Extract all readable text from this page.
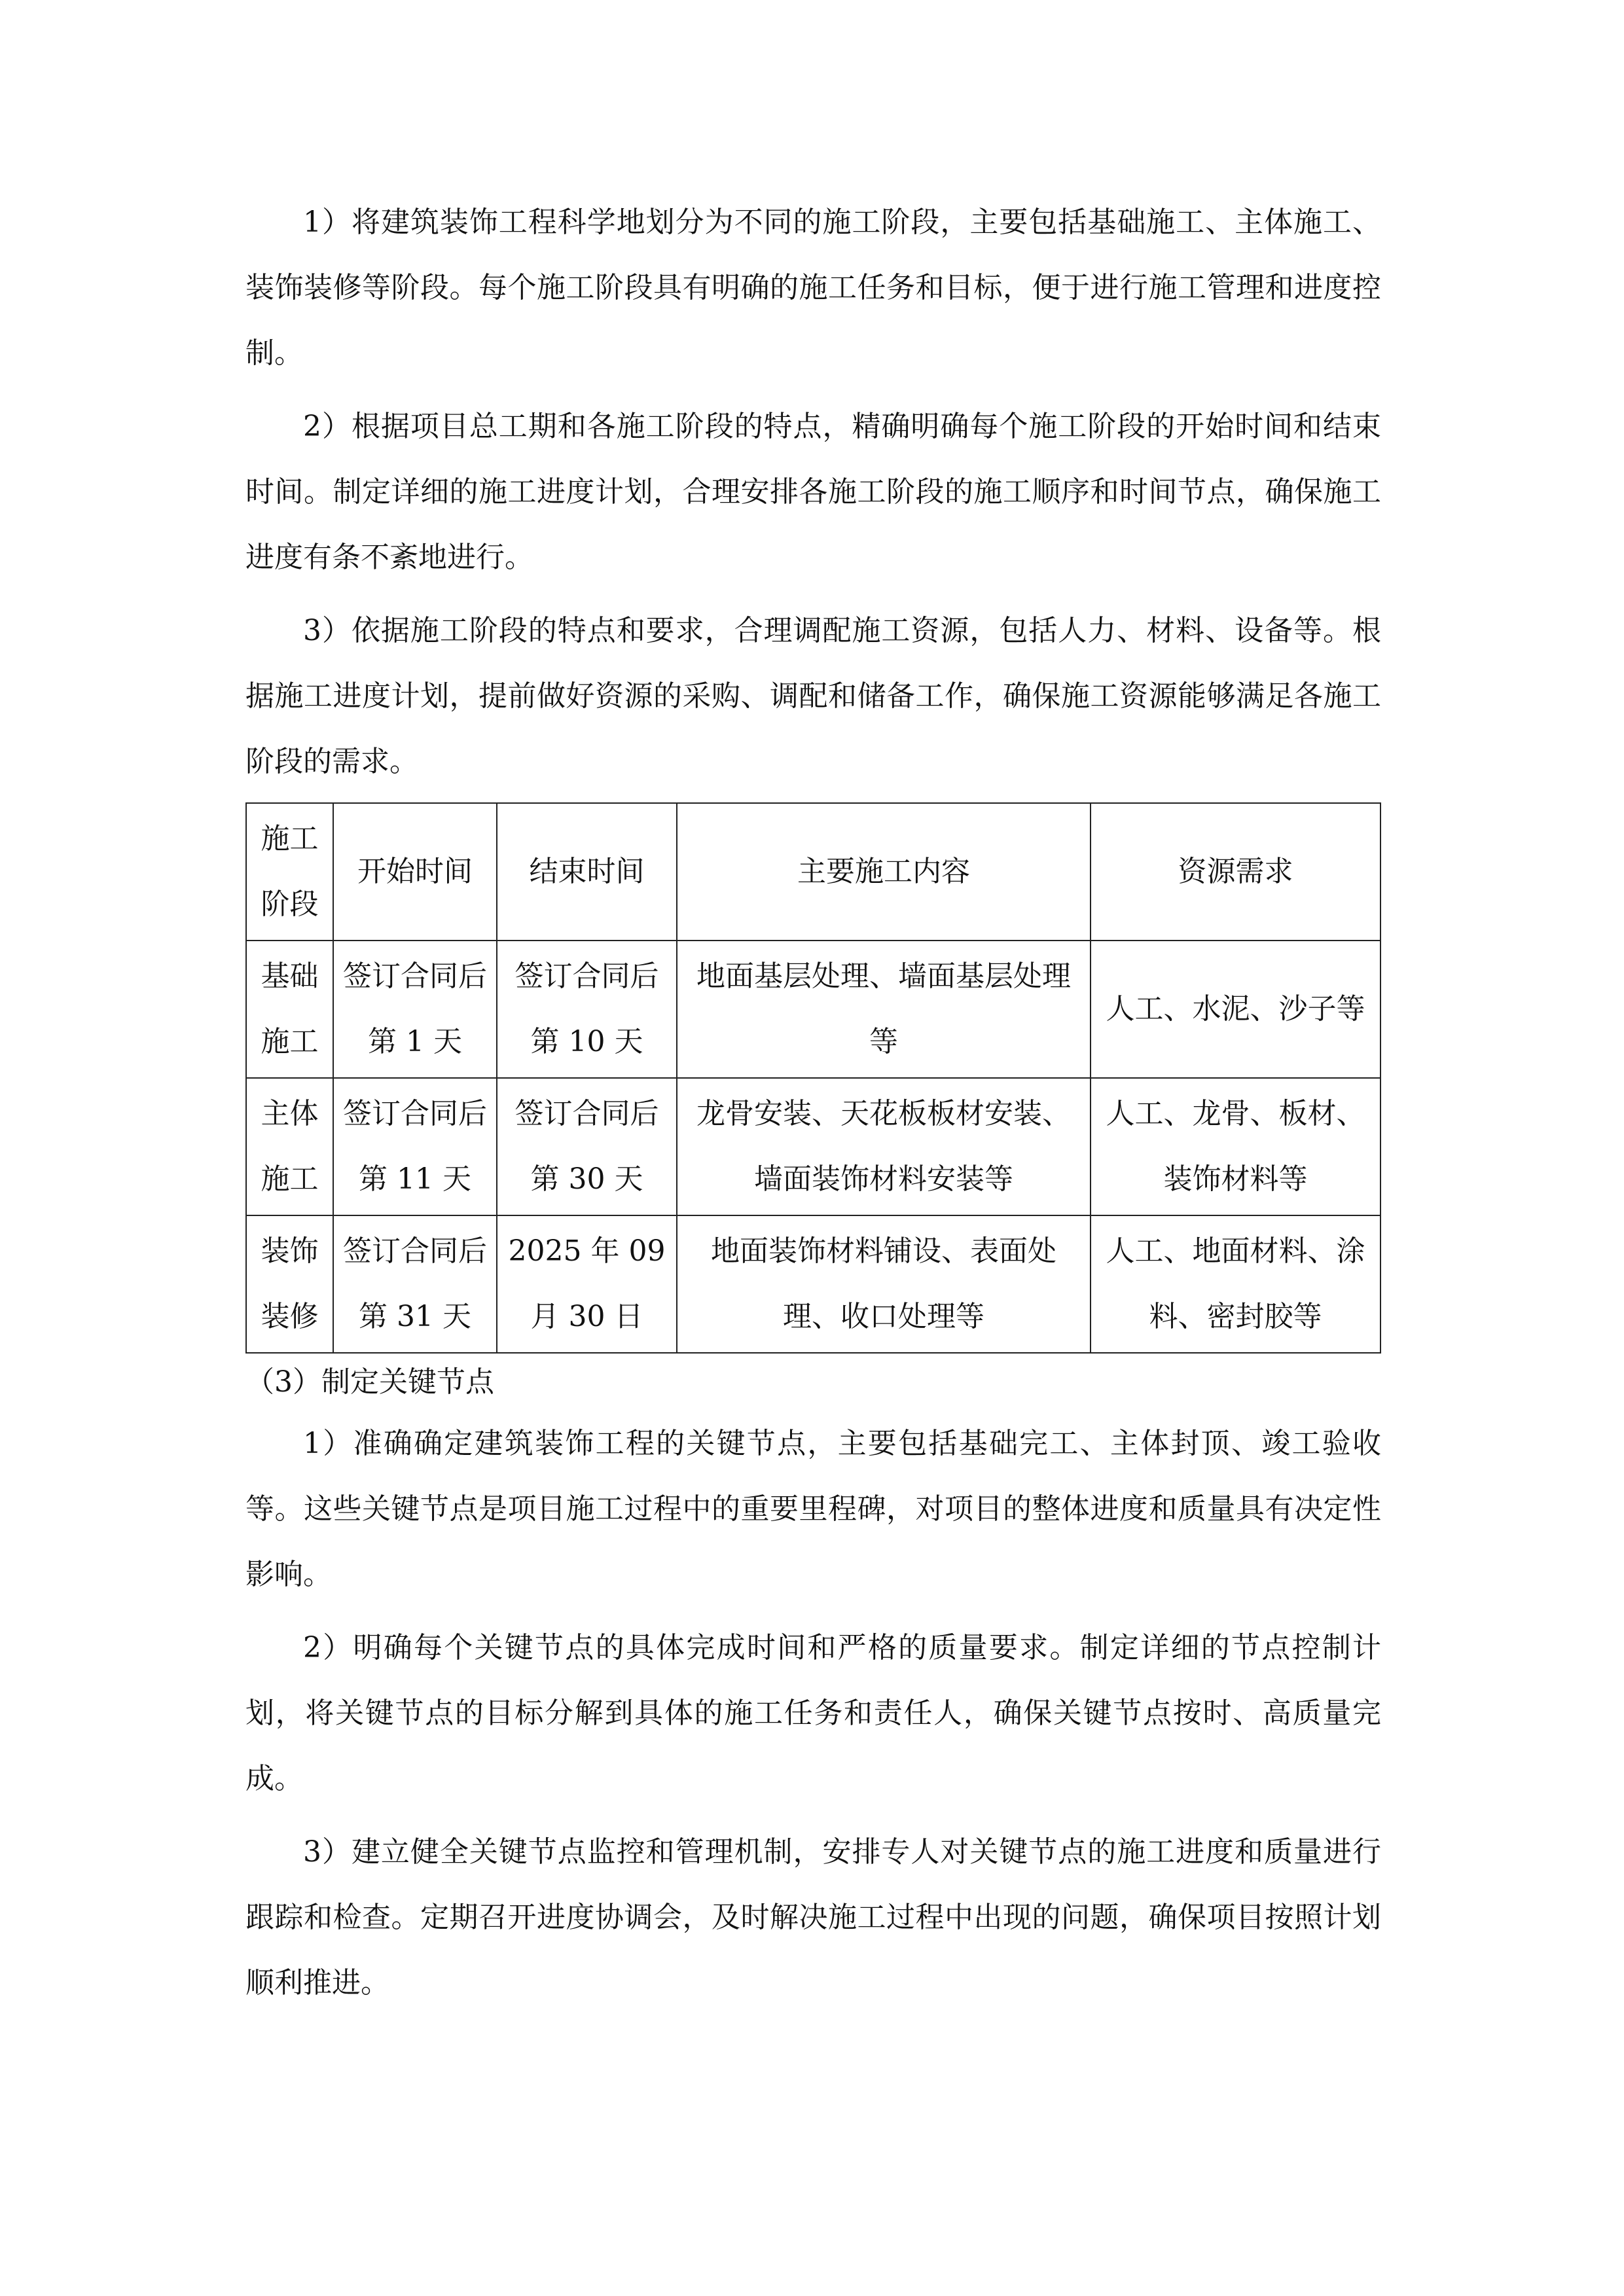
1）将建筑装饰工程科学地划分为不同的施工阶段，主要包括基础施工、主体施工、装饰装修等阶段。每个施工阶段具有明确的施工任务和目标，便于进行施工管理和进度控制。

2）根据项目总工期和各施工阶段的特点，精确明确每个施工阶段的开始时间和结束时间。制定详细的施工进度计划，合理安排各施工阶段的施工顺序和时间节点，确保施工进度有条不紊地进行。

3）依据施工阶段的特点和要求，合理调配施工资源，包括人力、材料、设备等。根据施工进度计划，提前做好资源的采购、调配和储备工作，确保施工资源能够满足各施工阶段的需求。

施工阶段	开始时间	结束时间	主要施工内容	资源需求
基础施工	签订合同后第 1 天	签订合同后第 10 天	地面基层处理、墙面基层处理等	人工、水泥、沙子等
主体施工	签订合同后第 11 天	签订合同后第 30 天	龙骨安装、天花板板材安装、墙面装饰材料安装等	人工、龙骨、板材、装饰材料等
装饰装修	签订合同后第 31 天	2025 年 09 月 30 日	地面装饰材料铺设、表面处理、收口处理等	人工、地面材料、涂料、密封胶等

（3）制定关键节点

1）准确确定建筑装饰工程的关键节点，主要包括基础完工、主体封顶、竣工验收等。这些关键节点是项目施工过程中的重要里程碑，对项目的整体进度和质量具有决定性影响。

2）明确每个关键节点的具体完成时间和严格的质量要求。制定详细的节点控制计划，将关键节点的目标分解到具体的施工任务和责任人，确保关键节点按时、高质量完成。

3）建立健全关键节点监控和管理机制，安排专人对关键节点的施工进度和质量进行跟踪和检查。定期召开进度协调会，及时解决施工过程中出现的问题，确保项目按照计划顺利推进。
